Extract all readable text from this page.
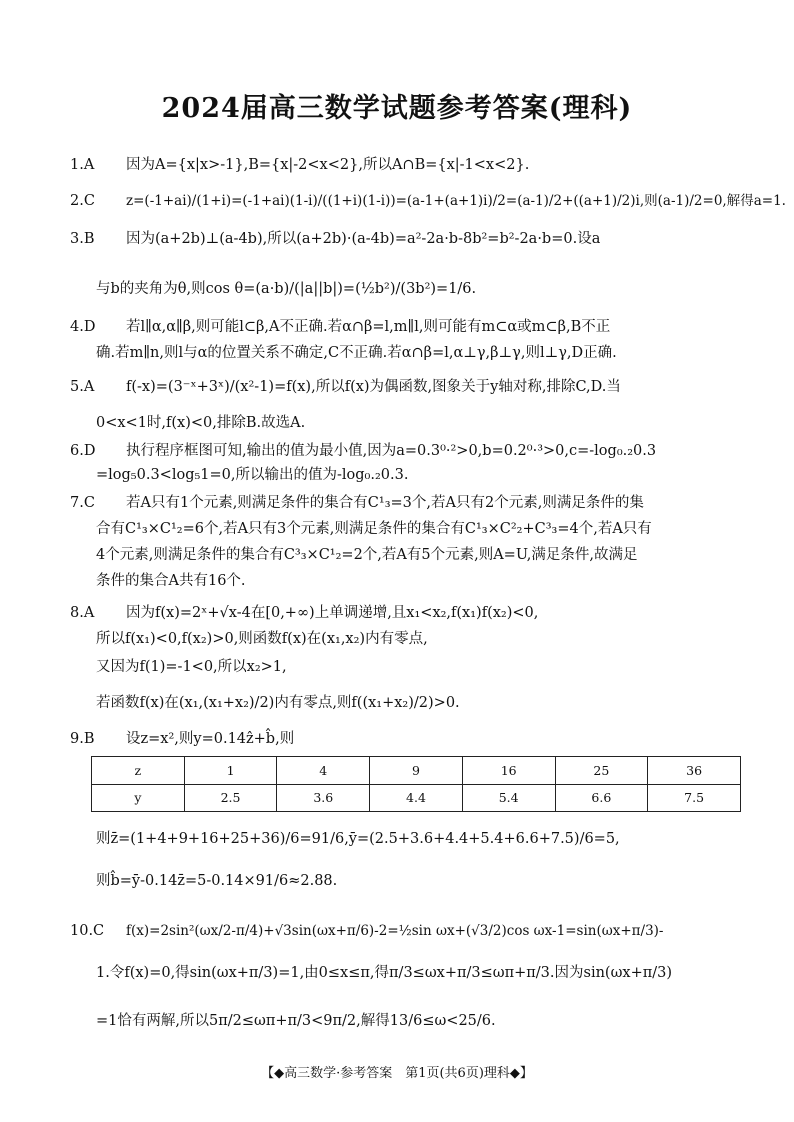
2024届高三数学试题参考答案(理科)
1.A 因为A={x|x>-1},B={x|-2<x<2},所以A∩B={x|-1<x<2}.
2.C z=(-1+ai)/(1+i)=(-1+ai)(1-i)/((1+i)(1-i))=(a-1+(a+1)i)/2=(a-1)/2+((a+1)/2)i,则(a-1)/2=0,解得a=1.
3.B 因为(a+2b)⊥(a-4b),所以(a+2b)·(a-4b)=a²-2a·b-8b²=b²-2a·b=0.设a
与b的夹角为θ,则cos θ=(a·b)/(|a||b|)=(½b²)/(3b²)=1/6.
4.D 若l∥α,α∥β,则可能l⊂β,A不正确.若α∩β=l,m∥l,则可能有m⊂α或m⊂β,B不正
确.若m∥n,则l与α的位置关系不确定,C不正确.若α∩β=l,α⊥γ,β⊥γ,则l⊥γ,D正确.
5.A f(-x)=(3⁻ˣ+3ˣ)/(x²-1)=f(x),所以f(x)为偶函数,图象关于y轴对称,排除C,D.当
0<x<1时,f(x)<0,排除B.故选A.
6.D 执行程序框图可知,输出的值为最小值,因为a=0.3⁰·²>0,b=0.2⁰·³>0,c=-log₀.₂0.3
=log₅0.3<log₅1=0,所以输出的值为-log₀.₂0.3.
7.C 若A只有1个元素,则满足条件的集合有C¹₃=3个,若A只有2个元素,则满足条件的集
合有C¹₃×C¹₂=6个,若A只有3个元素,则满足条件的集合有C¹₃×C²₂+C³₃=4个,若A只有
4个元素,则满足条件的集合有C³₃×C¹₂=2个,若A有5个元素,则A=U,满足条件,故满足
条件的集合A共有16个.
8.A 因为f(x)=2ˣ+√x-4在[0,+∞)上单调递增,且x₁<x₂,f(x₁)f(x₂)<0,
所以f(x₁)<0,f(x₂)>0,则函数f(x)在(x₁,x₂)内有零点,
又因为f(1)=-1<0,所以x₂>1,
若函数f(x)在(x₁,(x₁+x₂)/2)内有零点,则f((x₁+x₂)/2)>0.
9.B 设z=x²,则y=0.14ẑ+b̂,则
z	1	4	9	16	25	36
y	2.5	3.6	4.4	5.4	6.6	7.5
则z̄=(1+4+9+16+25+36)/6=91/6,ȳ=(2.5+3.6+4.4+5.4+6.6+7.5)/6=5,
则b̂=ȳ-0.14z̄=5-0.14×91/6≈2.88.
10.C f(x)=2sin²(ωx/2-π/4)+√3sin(ωx+π/6)-2=½sin ωx+(√3/2)cos ωx-1=sin(ωx+π/3)-
1.令f(x)=0,得sin(ωx+π/3)=1,由0≤x≤π,得π/3≤ωx+π/3≤ωπ+π/3.因为sin(ωx+π/3)
=1恰有两解,所以5π/2≤ωπ+π/3<9π/2,解得13/6≤ω<25/6.
【◆高三数学·参考答案　第1页(共6页)理科◆】
